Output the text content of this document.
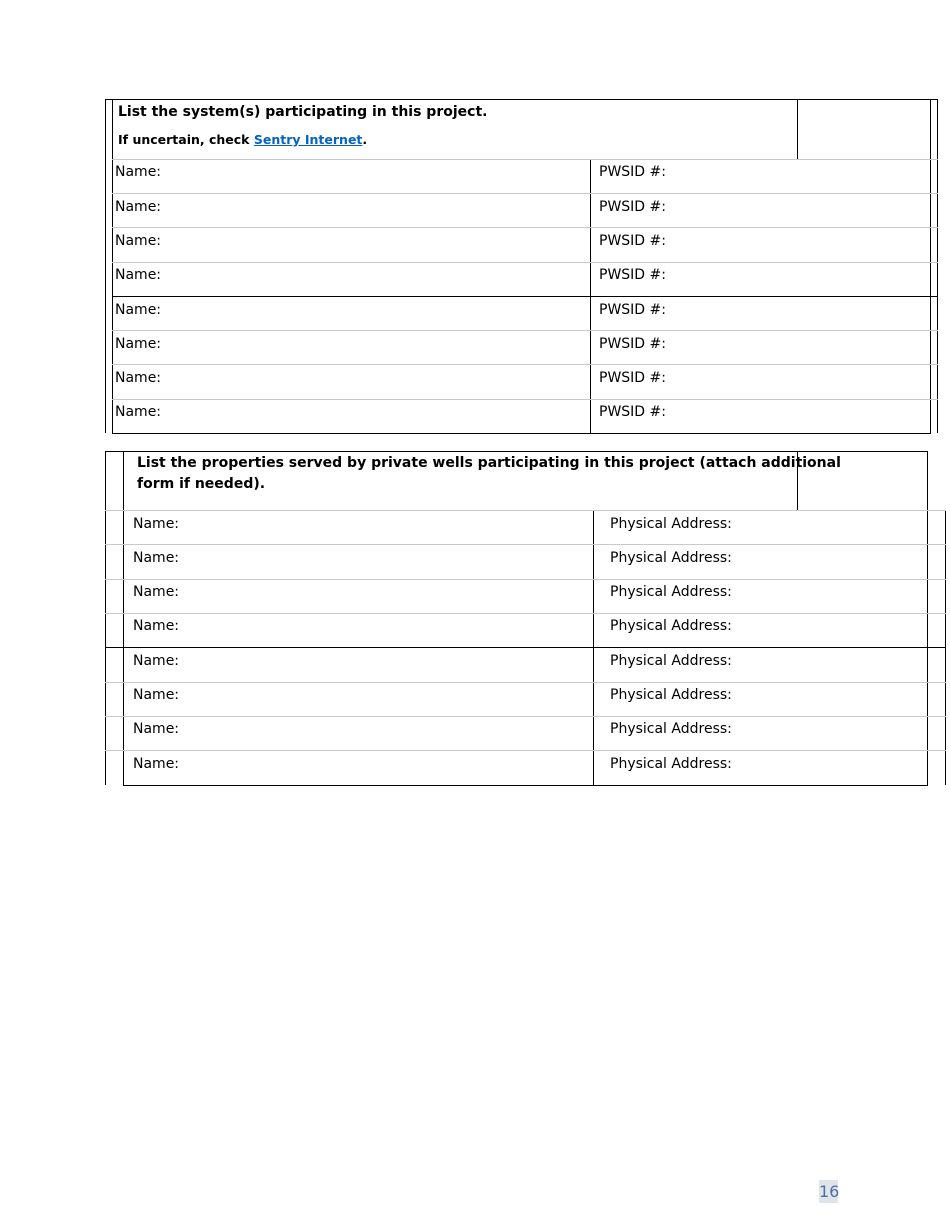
List the system(s) participating in this project.
If uncertain, check Sentry Internet.
Name:	PWSID #:
Name:	PWSID #:
Name:	PWSID #:
Name:	PWSID #:
Name:	PWSID #:
Name:	PWSID #:
Name:	PWSID #:
Name:	PWSID #:
List the properties served by private wells participating in this project (attach additional
form if needed).
Name:	Physical Address:
Name:	Physical Address:
Name:	Physical Address:
Name:	Physical Address:
Name:	Physical Address:
Name:	Physical Address:
Name:	Physical Address:
Name:	Physical Address:
16
